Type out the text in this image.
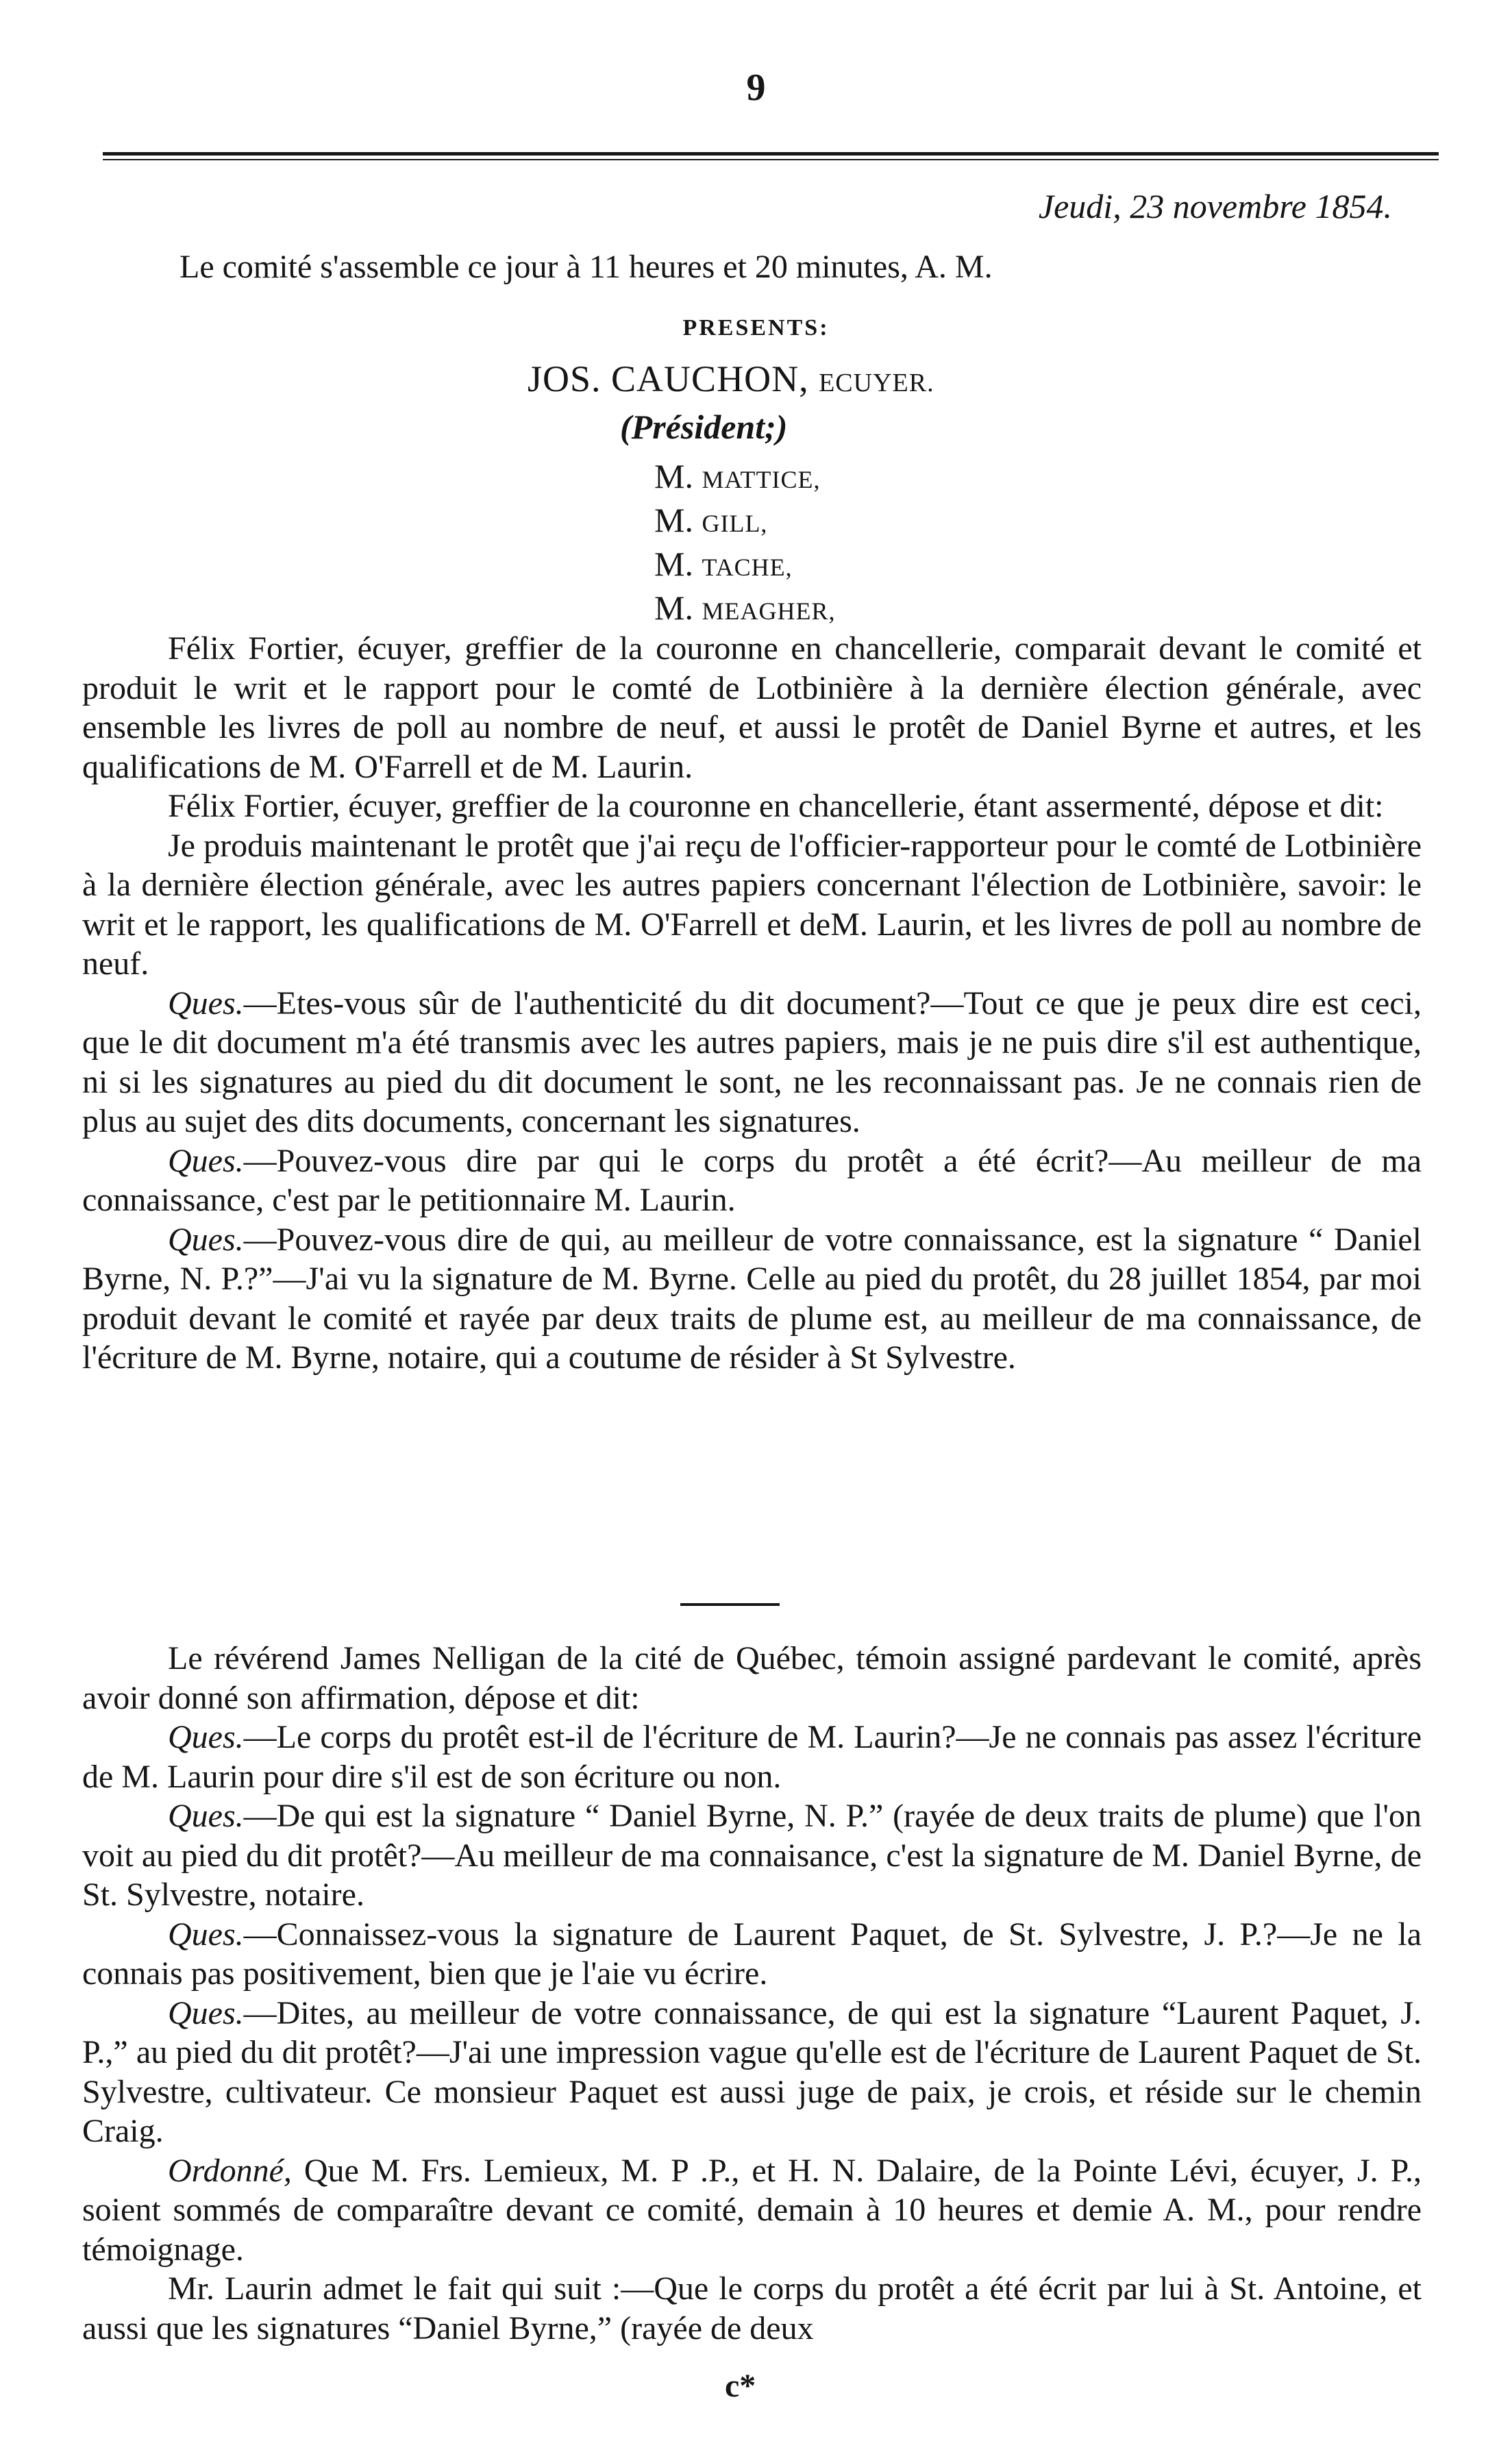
9
Jeudi, 23 novembre 1854.
Le comité s'assemble ce jour à 11 heures et 20 minutes, A. M.
PRESENTS:
JOS. CAUCHON, ECUYER.
(Président;)
M. MATTICE,
M. GILL,
M. TACHE,
M. MEAGHER,

Félix Fortier, écuyer, greffier de la couronne en chancellerie, comparait devant le comité et produit le writ et le rapport pour le comté de Lotbinière à la dernière élection générale, avec ensemble les livres de poll au nombre de neuf, et aussi le protêt de Daniel Byrne et autres, et les qualifications de M. O'Farrell et de M. Laurin.

Félix Fortier, écuyer, greffier de la couronne en chancellerie, étant assermenté, dépose et dit:

Je produis maintenant le protêt que j'ai reçu de l'officier-rapporteur pour le comté de Lotbinière à la dernière élection générale, avec les autres papiers concernant l'élection de Lotbinière, savoir: le writ et le rapport, les qualifications de M. O'Farrell et deM. Laurin, et les livres de poll au nombre de neuf.

Ques.—Etes-vous sûr de l'authenticité du dit document?—Tout ce que je peux dire est ceci, que le dit document m'a été transmis avec les autres papiers, mais je ne puis dire s'il est authentique, ni si les signatures au pied du dit document le sont, ne les reconnaissant pas. Je ne connais rien de plus au sujet des dits documents, concernant les signatures.

Ques.—Pouvez-vous dire par qui le corps du protêt a été écrit?—Au meilleur de ma connaissance, c'est par le petitionnaire M. Laurin.

Ques.—Pouvez-vous dire de qui, au meilleur de votre connaissance, est la signature “ Daniel Byrne, N. P.?”—J'ai vu la signature de M. Byrne. Celle au pied du protêt, du 28 juillet 1854, par moi produit devant le comité et rayée par deux traits de plume est, au meilleur de ma connaissance, de l'écriture de M. Byrne, notaire, qui a coutume de résider à St Sylvestre.

Le révérend James Nelligan de la cité de Québec, témoin assigné pardevant le comité, après avoir donné son affirmation, dépose et dit:

Ques.—Le corps du protêt est-il de l'écriture de M. Laurin?—Je ne connais pas assez l'écriture de M. Laurin pour dire s'il est de son écriture ou non.

Ques.—De qui est la signature “ Daniel Byrne, N. P.” (rayée de deux traits de plume) que l'on voit au pied du dit protêt?—Au meilleur de ma connaisance, c'est la signature de M. Daniel Byrne, de St. Sylvestre, notaire.

Ques.—Connaissez-vous la signature de Laurent Paquet, de St. Sylvestre, J. P.?—Je ne la connais pas positivement, bien que je l'aie vu écrire.

Ques.—Dites, au meilleur de votre connaissance, de qui est la signature “Laurent Paquet, J. P.,” au pied du dit protêt?—J'ai une impression vague qu'elle est de l'écriture de Laurent Paquet de St. Sylvestre, cultivateur. Ce monsieur Paquet est aussi juge de paix, je crois, et réside sur le chemin Craig.

Ordonné, Que M. Frs. Lemieux, M. P .P., et H. N. Dalaire, de la Pointe Lévi, écuyer, J. P., soient sommés de comparaître devant ce comité, demain à 10 heures et demie A. M., pour rendre témoignage.

Mr. Laurin admet le fait qui suit :—Que le corps du protêt a été écrit par lui à St. Antoine, et aussi que les signatures “Daniel Byrne,” (rayée de deux

c*
